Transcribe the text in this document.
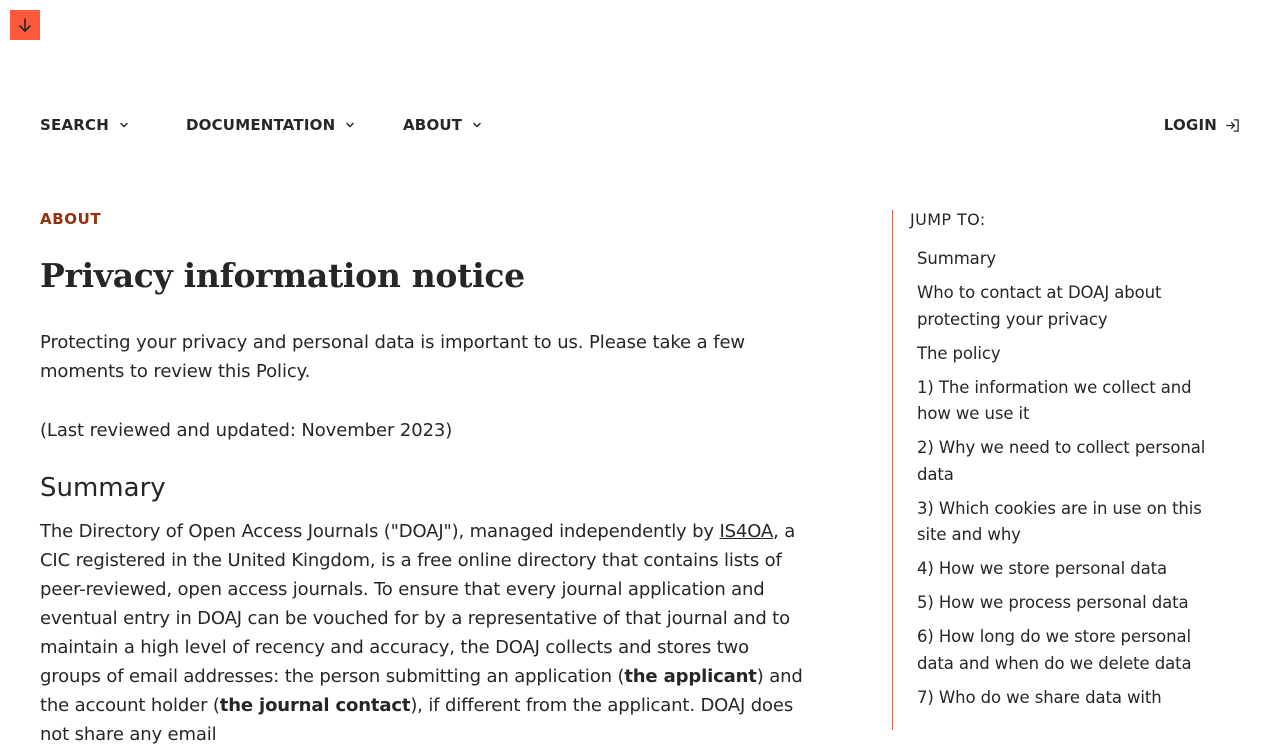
SEARCH	DOCUMENTATION	ABOUT	LOGIN

ABOUT

Privacy information notice

Protecting your privacy and personal data is important to us. Please take a few moments to review this Policy.

(Last reviewed and updated: November 2023)

Summary

The Directory of Open Access Journals ("DOAJ"), managed independently by IS4OA, a CIC registered in the United Kingdom, is a free online directory that contains lists of peer-reviewed, open access journals. To ensure that every journal application and eventual entry in DOAJ can be vouched for by a representative of that journal and to maintain a high level of recency and accuracy, the DOAJ collects and stores two groups of email addresses: the person submitting an application (the applicant) and the account holder (the journal contact), if different from the applicant. DOAJ does not share any email

JUMP TO:

Summary
Who to contact at DOAJ about protecting your privacy
The policy
1) The information we collect and how we use it
2) Why we need to collect personal data
3) Which cookies are in use on this site and why
4) How we store personal data
5) How we process personal data
6) How long do we store personal data and when do we delete data
7) Who do we share data with
